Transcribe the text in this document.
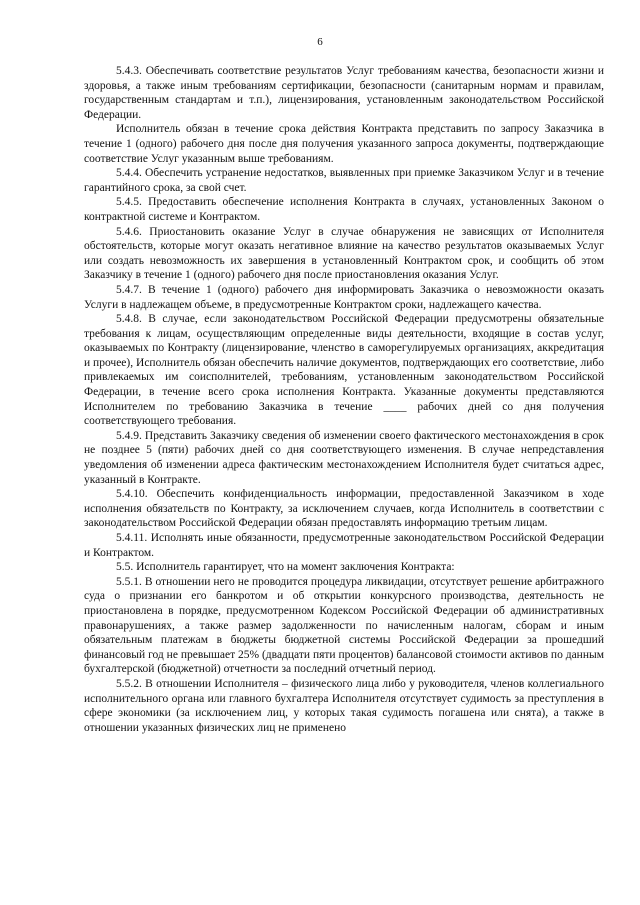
6

5.4.3. Обеспечивать соответствие результатов Услуг требованиям качества, безопасности жизни и здоровья, а также иным требованиям сертификации, безопасности (санитарным нормам и правилам, государственным стандартам и т.п.), лицензирования, установленным законодательством Российской Федерации.

Исполнитель обязан в течение срока действия Контракта представить по запросу Заказчика в течение 1 (одного) рабочего дня после дня получения указанного запроса документы, подтверждающие соответствие Услуг указанным выше требованиям.

5.4.4. Обеспечить устранение недостатков, выявленных при приемке Заказчиком Услуг и в течение гарантийного срока, за свой счет.

5.4.5. Предоставить обеспечение исполнения Контракта в случаях, установленных Законом о контрактной системе и Контрактом.

5.4.6. Приостановить оказание Услуг в случае обнаружения не зависящих от Исполнителя обстоятельств, которые могут оказать негативное влияние на качество результатов оказываемых Услуг или создать невозможность их завершения в установленный Контрактом срок, и сообщить об этом Заказчику в течение 1 (одного) рабочего дня после приостановления оказания Услуг.

5.4.7. В течение 1 (одного) рабочего дня информировать Заказчика о невозможности оказать Услуги в надлежащем объеме, в предусмотренные Контрактом сроки, надлежащего качества.

5.4.8. В случае, если законодательством Российской Федерации предусмотрены обязательные требования к лицам, осуществляющим определенные виды деятельности, входящие в состав услуг, оказываемых по Контракту (лицензирование, членство в саморегулируемых организациях, аккредитация и прочее), Исполнитель обязан обеспечить наличие документов, подтверждающих его соответствие, либо привлекаемых им соисполнителей, требованиям, установленным законодательством Российской Федерации, в течение всего срока исполнения Контракта. Указанные документы представляются Исполнителем по требованию Заказчика в течение ____ рабочих дней со дня получения соответствующего требования.

5.4.9. Представить Заказчику сведения об изменении своего фактического местонахождения в срок не позднее 5 (пяти) рабочих дней со дня соответствующего изменения. В случае непредставления уведомления об изменении адреса фактическим местонахождением Исполнителя будет считаться адрес, указанный в Контракте.

5.4.10. Обеспечить конфиденциальность информации, предоставленной Заказчиком в ходе исполнения обязательств по Контракту, за исключением случаев, когда Исполнитель в соответствии с законодательством Российской Федерации обязан предоставлять информацию третьим лицам.

5.4.11. Исполнять иные обязанности, предусмотренные законодательством Российской Федерации и Контрактом.

5.5. Исполнитель гарантирует, что на момент заключения Контракта:

5.5.1. В отношении него не проводится процедура ликвидации, отсутствует решение арбитражного суда о признании его банкротом и об открытии конкурсного производства, деятельность не приостановлена в порядке, предусмотренном Кодексом Российской Федерации об административных правонарушениях, а также размер задолженности по начисленным налогам, сборам и иным обязательным платежам в бюджеты бюджетной системы Российской Федерации за прошедший финансовый год не превышает 25% (двадцати пяти процентов) балансовой стоимости активов по данным бухгалтерской (бюджетной) отчетности за последний отчетный период.

5.5.2. В отношении Исполнителя – физического лица либо у руководителя, членов коллегиального исполнительного органа или главного бухгалтера Исполнителя отсутствует судимость за преступления в сфере экономики (за исключением лиц, у которых такая судимость погашена или снята), а также в отношении указанных физических лиц не применено
